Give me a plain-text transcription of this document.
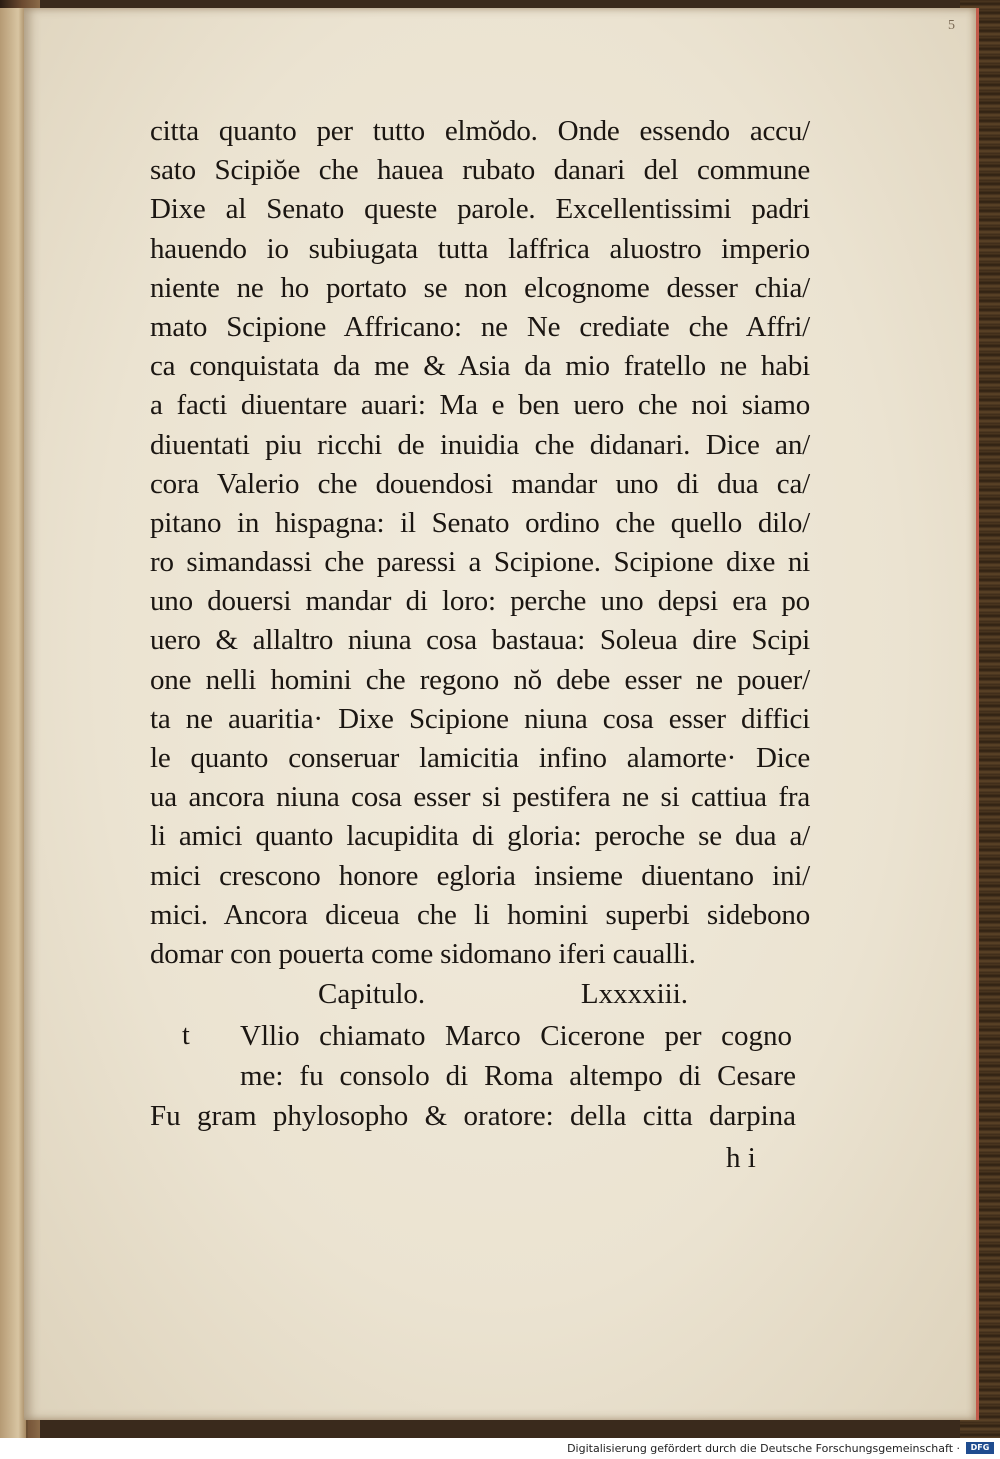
5
citta quanto per tutto elmŏdo. Onde essendo accu/
sato Scipiŏe che hauea rubato danari del commune
Dixe al Senato queste parole. Excellentissimi padri
hauendo io subiugata tutta laffrica aluostro imperio
niente ne ho portato se non elcognome desser chia/
mato Scipione Affricano: ne Ne crediate che Affri/
ca conquistata da me & Asia da mio fratello ne habi
a facti diuentare auari: Ma e ben uero che noi siamo
diuentati piu ricchi de inuidia che didanari. Dice an/
cora Valerio che douendosi mandar uno di dua ca/
pitano in hispagna: il Senato ordino che quello dilo/
ro simandassi che paressi a Scipione. Scipione dixe ni
uno douersi mandar di loro: perche uno depsi era po
uero & allaltro niuna cosa bastaua: Soleua dire Scipi
one nelli homini che regono nŏ debe esser ne pouer/
ta ne auaritia· Dixe Scipione niuna cosa esser diffici
le quanto conseruar lamicitia infino alamorte· Dice
ua ancora niuna cosa esser si pestifera ne si cattiua fra
li amici quanto lacupidita di gloria: peroche se dua a/
mici crescono honore egloria insieme diuentano ini/
mici. Ancora diceua che li homini superbi sidebono
domar con pouerta come sidomano iferi caualli.
Capitulo.	Lxxxxiii.
t Vllio chiamato Marco Cicerone per cogno
me: fu consolo di Roma altempo di Cesare
Fu gram phylosopho & oratore: della citta darpina
h i
Digitalisierung gefördert durch die Deutsche Forschungsgemeinschaft ·	DFG
